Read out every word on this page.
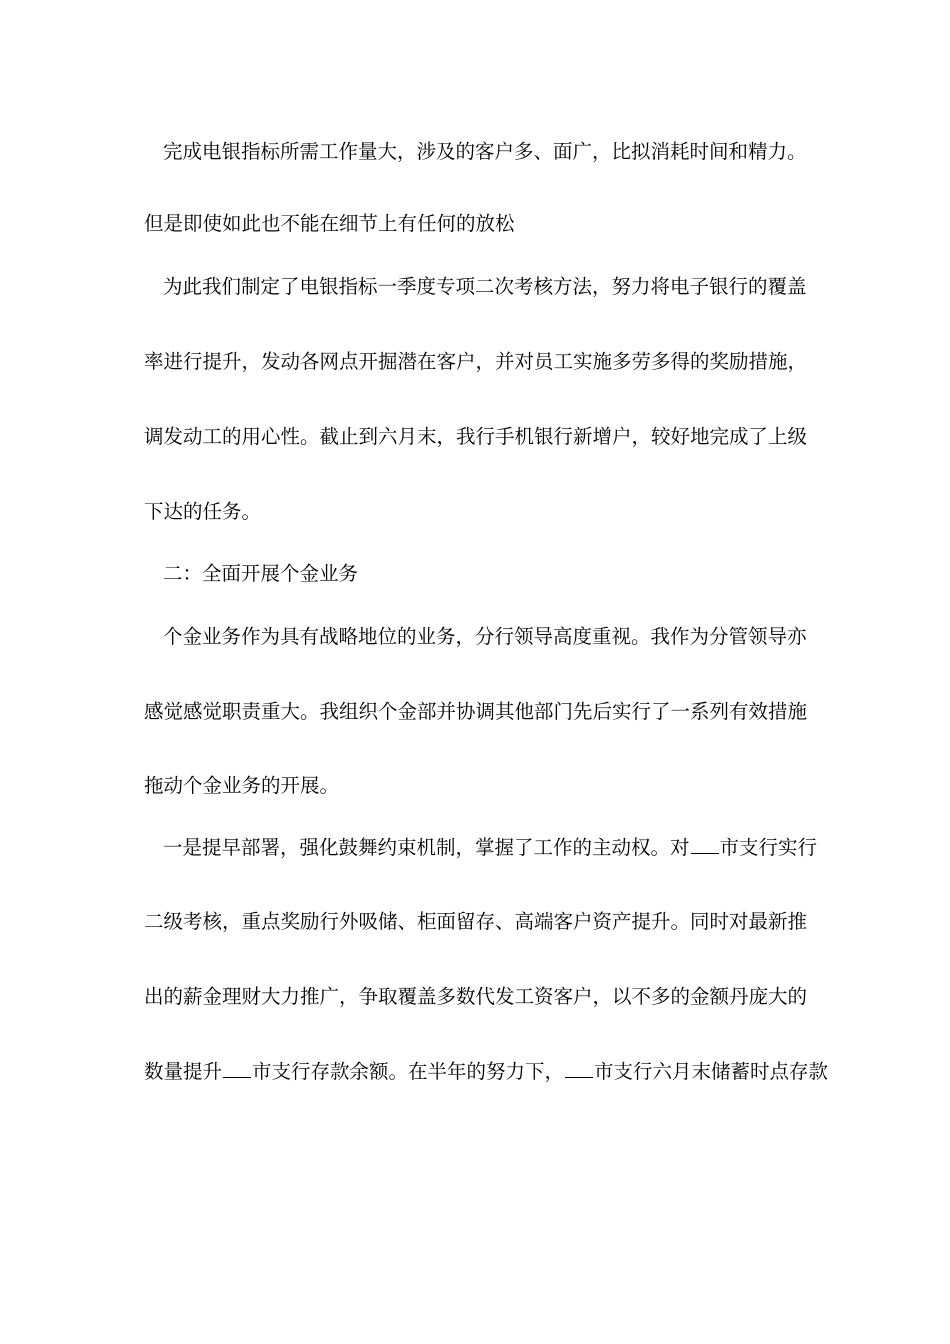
完成电银指标所需工作量大，涉及的客户多、面广，比拟消耗时间和精力。
但是即使如此也不能在细节上有任何的放松
为此我们制定了电银指标一季度专项二次考核方法，努力将电子银行的覆盖
率进行提升，发动各网点开掘潜在客户，并对员工实施多劳多得的奖励措施，
调发动工的用心性。截止到六月末，我行手机银行新增户，较好地完成了上级
下达的任务。
二：全面开展个金业务
个金业务作为具有战略地位的业务，分行领导高度重视。我作为分管领导亦
感觉感觉职责重大。我组织个金部并协调其他部门先后实行了一系列有效措施
拖动个金业务的开展。
一是提早部署，强化鼓舞约束机制，掌握了工作的主动权。对 市支行实行
二级考核，重点奖励行外吸储、柜面留存、高端客户资产提升。同时对最新推
出的薪金理财大力推广，争取覆盖多数代发工资客户，以不多的金额丹庞大的
数量提升 市支行存款余额。在半年的努力下， 市支行六月末储蓄时点存款
